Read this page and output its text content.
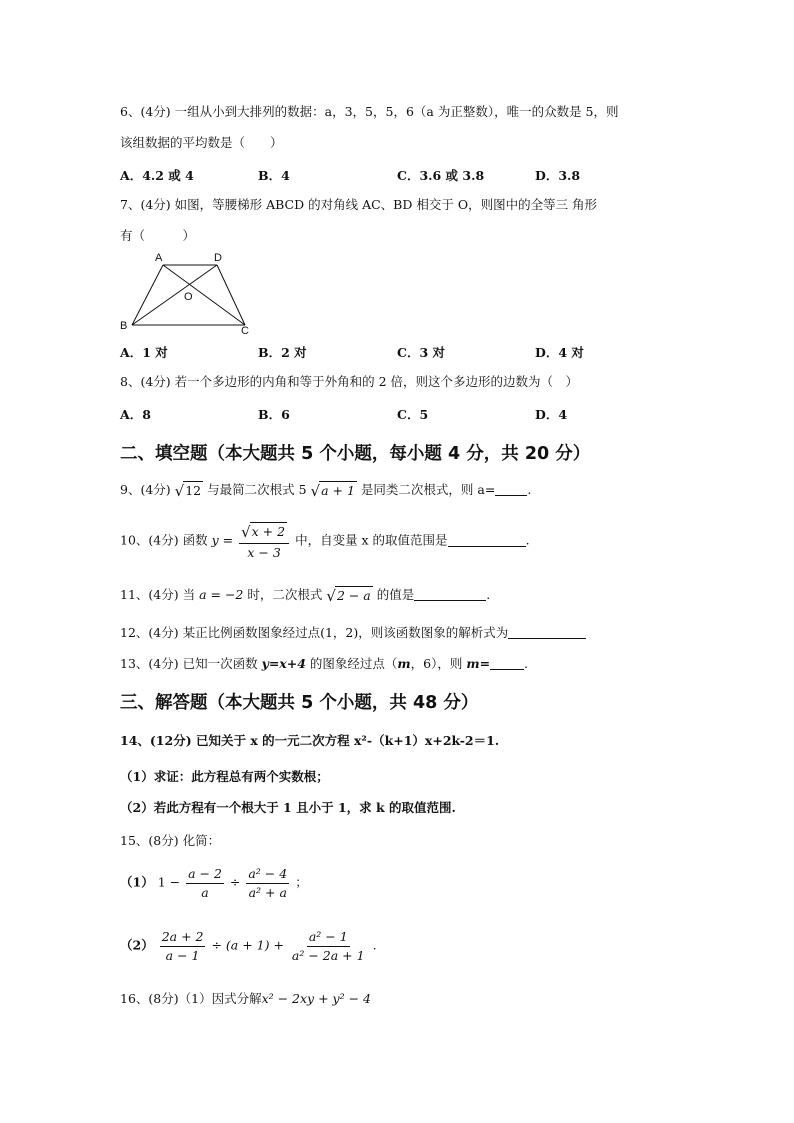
6、(4分) 一组从小到大排列的数据：a，3，5，5，6（a 为正整数），唯一的众数是 5，则
该组数据的平均数是（　　）
A．4.2 或 4	B．4	C．3.6 或 3.8	D．3.8
7、(4分) 如图，等腰梯形 ABCD 的对角线 AC、BD 相交于 O，则图中的全等三 角形
有（　　　）
A	D
O
B	C
A．1 对	B．2 对	C．3 对	D．4 对
8、(4分) 若一个多边形的内角和等于外角和的 2 倍，则这个多边形的边数为（　）
A．8	B．6	C．5	D．4
二、填空题（本大题共 5 个小题，每小题 4 分，共 20 分）
9、(4分) √12 与最简二次根式 5 √a + 1 是同类二次根式，则 a=	.
10、(4分) 函数 $y = \frac{√x + 2}{x - 3}$ 中，自变量 x 的取值范围是	.
11、(4分) 当 a = −2 时，二次根式 √2 − a 的值是	.
12、(4分) 某正比例函数图象经过点(1，2)，则该函数图象的解析式为
13、(4分) 已知一次函数 y=x+4 的图象经过点（m，6），则 m=	.
三、解答题（本大题共 5 个小题，共 48 分）
14、(12分) 已知关于 x 的一元二次方程 x²-（k+1）x+2k-2＝1.
（1）求证：此方程总有两个实数根；
（2）若此方程有一个根大于 1 且小于 1，求 k 的取值范围.
15、(8分) 化简：
（1） $1 - \frac{a - 2}{a} \div \frac{\text{a² − 4}}{\text{a² + a}}$ ；
$(2) \frac{2a + 2}{a - 1} \div (a + 1) + \frac{\text{a² − 1}}{\text{a² − 2a + 1}}$ .
16、(8分)（1）因式分解x² − 2xy + y² − 4
